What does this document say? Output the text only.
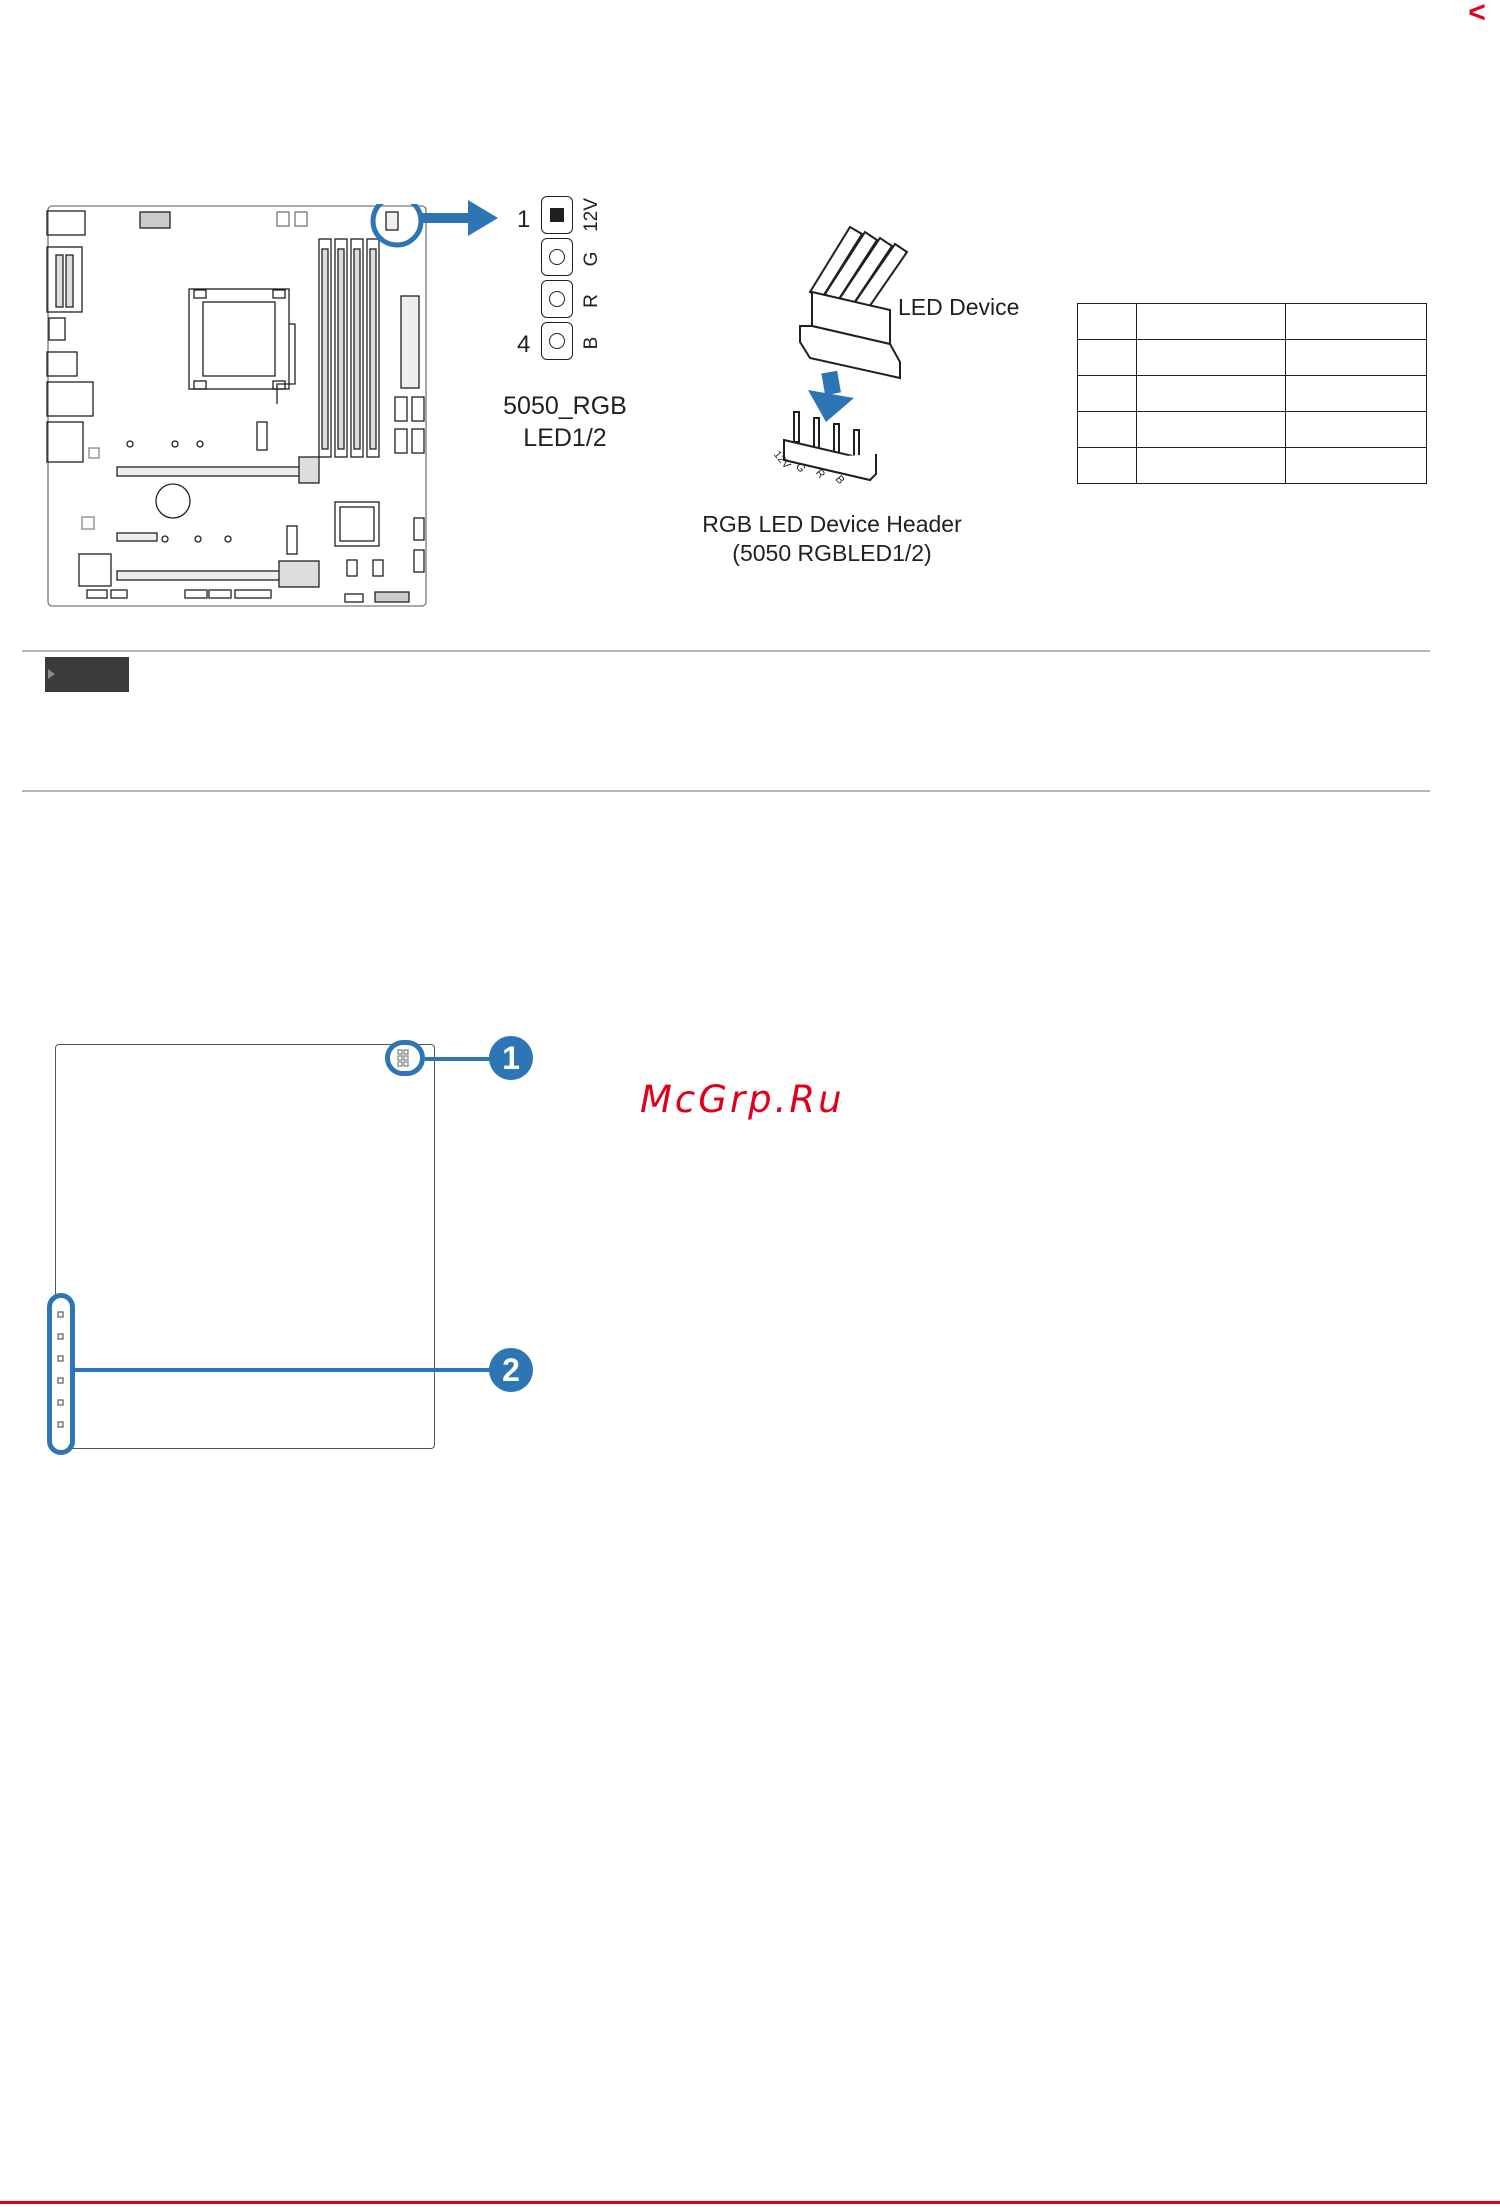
<
1
4
12V
G
R
B
5050_RGB
LED1/2
12V G R B
LED Device
RGB LED Device Header
(5050 RGBLED1/2)

1
2
McGrp.Ru
